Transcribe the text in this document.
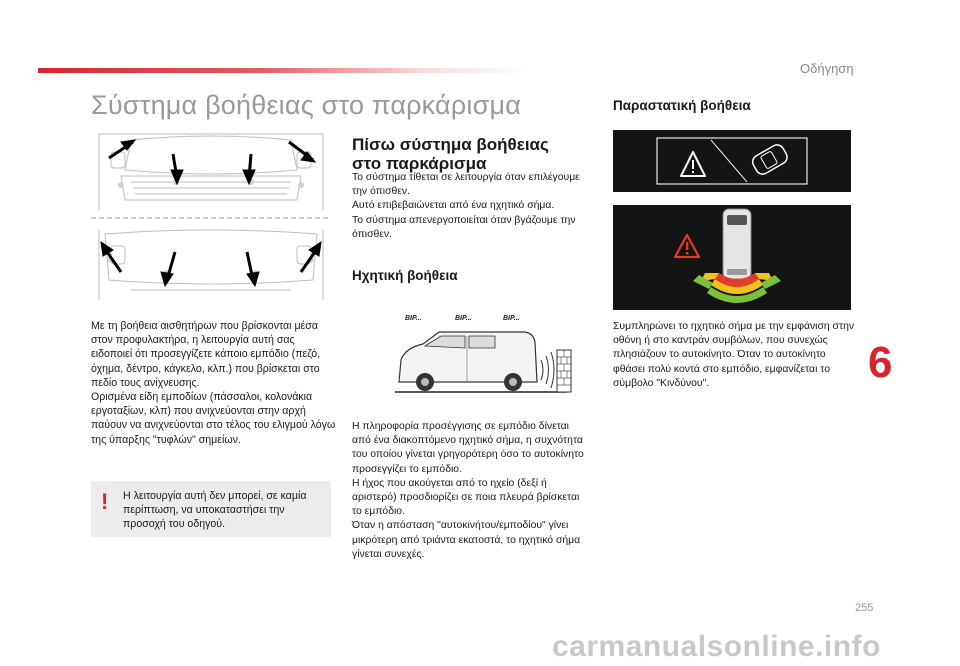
Οδήγηση
Σύστημα βοήθειας στο παρκάρισμα

Με τη βοήθεια αισθητήρων που βρίσκονται μέσα στον προφυλακτήρα, η λειτουργία αυτή σας ειδοποιεί ότι προσεγγίζετε κάποιο εμπόδιο (πεζό, όχημα, δέντρο, κάγκελο, κλπ.) που βρίσκεται στο πεδίο τους ανίχνευσης.

Ορισμένα είδη εμποδίων (πάσσαλοι, κολονάκια εργοταξίων, κλπ) που ανιχνεύονται στην αρχή παύουν να ανιχνεύονται στο τέλος του ελιγμού λόγω της ύπαρξης "τυφλών" σημείων.

! Η λειτουργία αυτή δεν μπορεί, σε καμία περίπτωση, να υποκαταστήσει την προσοχή του οδηγού.
Πίσω σύστημα βοήθειας στο παρκάρισμα

Το σύστημα τίθεται σε λειτουργία όταν επιλέγουμε την όπισθεν.

Αυτό επιβεβαιώνεται από ένα ηχητικό σήμα.

Το σύστημα απενεργοποιείται όταν βγάζουμε την όπισθεν.

Ηχητική βοήθεια
BIP...	BIP...	BIP...

Η πληροφορία προσέγγισης σε εμπόδιο δίνεται από ένα διακοπτόμενο ηχητικό σήμα, η συχνότητα του οποίου γίνεται γρηγορότερη όσο το αυτοκίνητο προσεγγίζει το εμπόδιο.

Η ήχος που ακούγεται από το ηχείο (δεξί ή αριστερό) προσδιορίζει σε ποια πλευρά βρίσκεται το εμπόδιο.

Όταν η απόσταση "αυτοκινήτου/εμποδίου" γίνει μικρότερη από τριάντα εκατοστά, το ηχητικό σήμα γίνεται συνεχές.

Παραστατική βοήθεια
Συμπληρώνει το ηχητικό σήμα με την εμφάνιση στην οθόνη ή στο καντράν συμβόλων, που συνεχώς πλησιάζουν το αυτοκίνητο. Όταν το αυτοκίνητο φθάσει πολύ κοντά στο εμπόδιο, εμφανίζεται το σύμβολο "Κινδύνου".	6
255
carmanualsonline.info
